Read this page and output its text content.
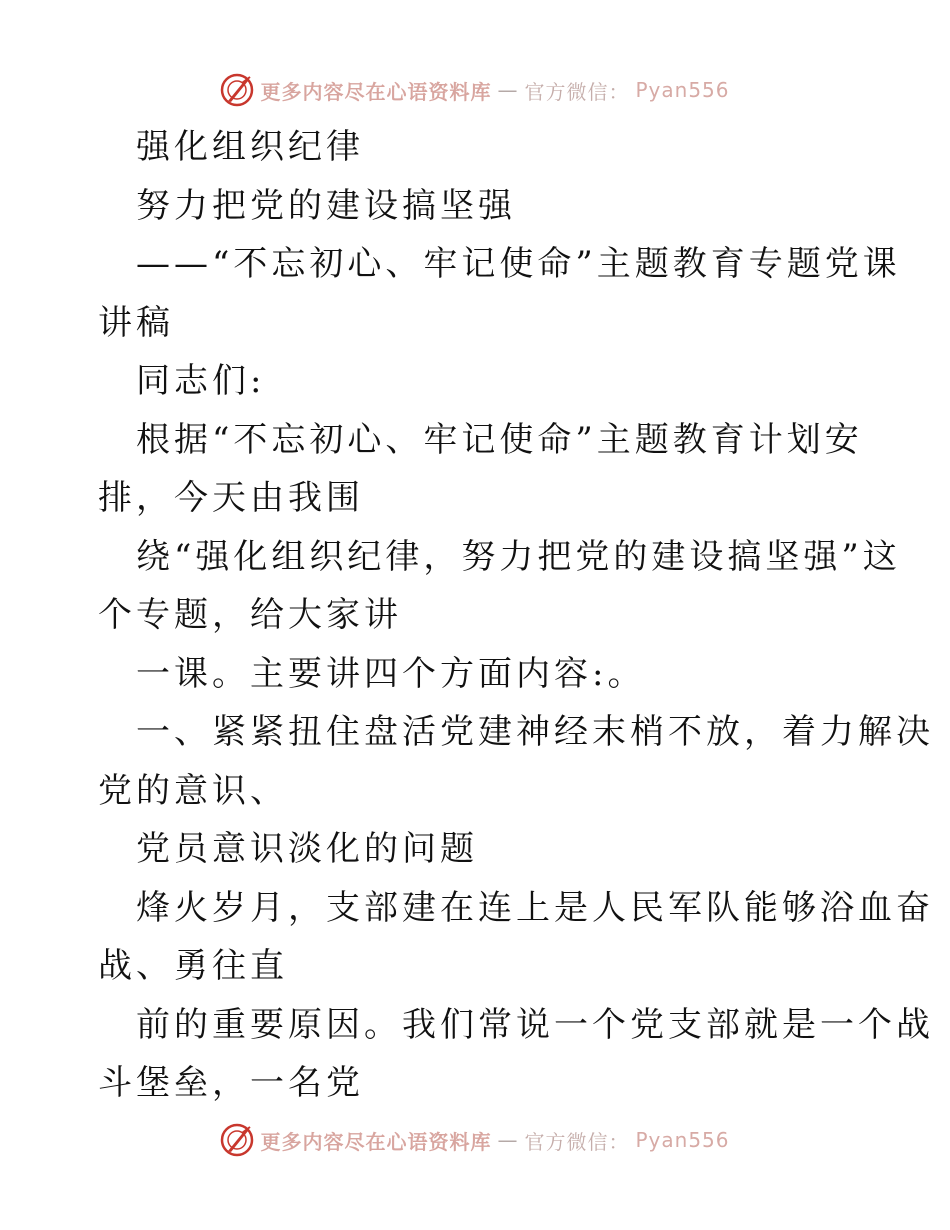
更多内容尽在心语资料库 — 官方微信： Pyan556
强化组织纪律
努力把党的建设搞坚强
——“不忘初心、牢记使命”主题教育专题党课
讲稿
同志们:
根据“不忘初心、牢记使命”主题教育计划安
排，今天由我围
绕“强化组织纪律，努力把党的建设搞坚强”这
个专题，给大家讲
一课。主要讲四个方面内容:。
一、紧紧扭住盘活党建神经末梢不放，着力解决
党的意识、
党员意识淡化的问题
烽火岁月，支部建在连上是人民军队能够浴血奋
战、勇往直
前的重要原因。我们常说一个党支部就是一个战
斗堡垒，一名党
更多内容尽在心语资料库 — 官方微信： Pyan556
